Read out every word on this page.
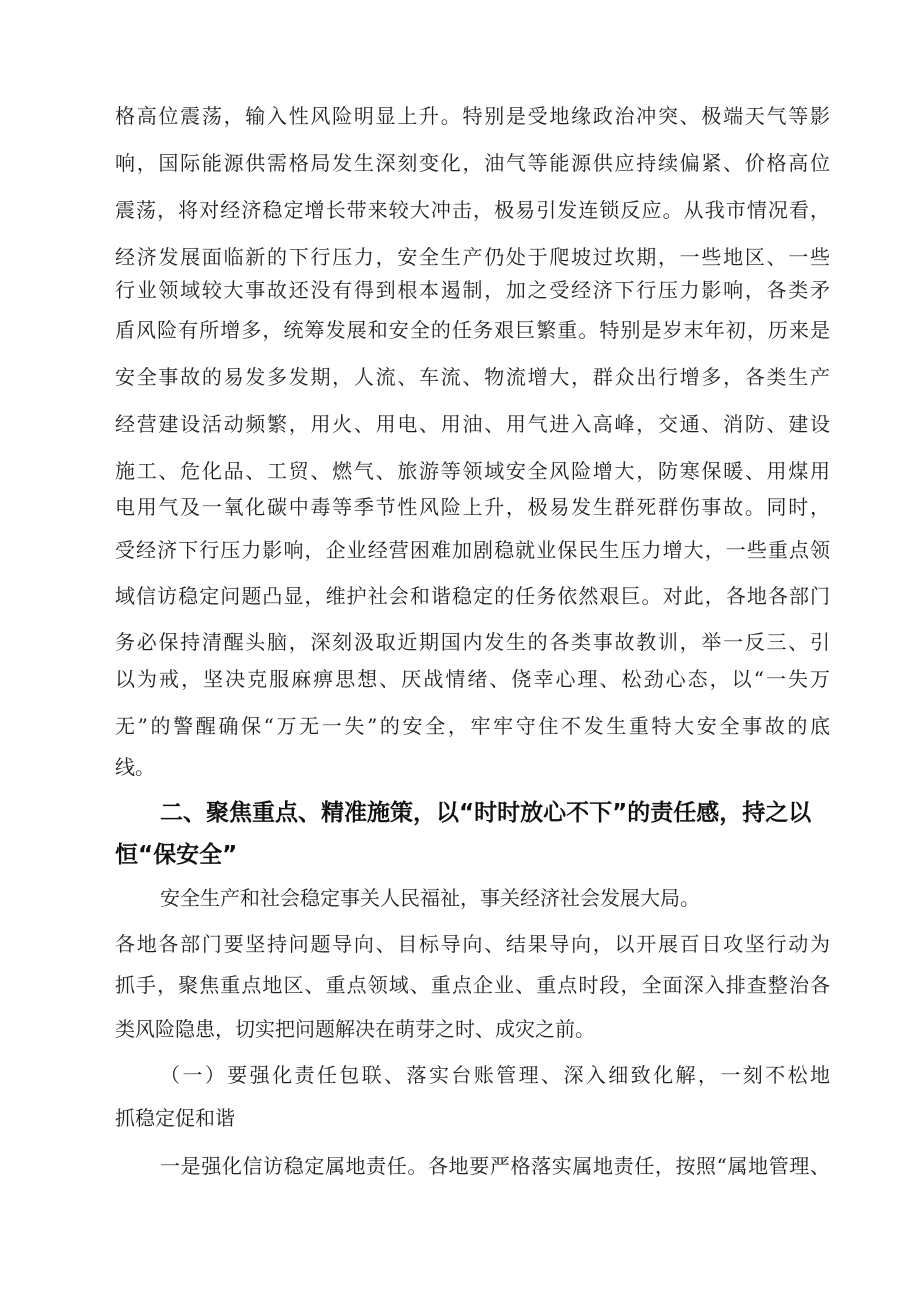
格高位震荡，输入性风险明显上升。特别是受地缘政治冲突、极端天气等影
响，国际能源供需格局发生深刻变化，油气等能源供应持续偏紧、价格高位
震荡，将对经济稳定增长带来较大冲击，极易引发连锁反应。从我市情况看，
经济发展面临新的下行压力，安全生产仍处于爬坡过坎期，一些地区、一些
行业领域较大事故还没有得到根本遏制，加之受经济下行压力影响，各类矛
盾风险有所增多，统筹发展和安全的任务艰巨繁重。特别是岁末年初，历来是
安全事故的易发多发期，人流、车流、物流增大，群众出行增多，各类生产
经营建设活动频繁，用火、用电、用油、用气进入高峰，交通、消防、建设
施工、危化品、工贸、燃气、旅游等领域安全风险增大，防寒保暖、用煤用
电用气及一氧化碳中毒等季节性风险上升，极易发生群死群伤事故。同时，
受经济下行压力影响，企业经营困难加剧稳就业保民生压力增大，一些重点领
域信访稳定问题凸显，维护社会和谐稳定的任务依然艰巨。对此，各地各部门
务必保持清醒头脑，深刻汲取近期国内发生的各类事故教训，举一反三、引
以为戒，坚决克服麻痹思想、厌战情绪、侥幸心理、松劲心态，以“一失万
无”的警醒确保“万无一失”的安全，牢牢守住不发生重特大安全事故的底
线。
二、聚焦重点、精准施策，以“时时放心不下”的责任感，持之以
恒“保安全”
安全生产和社会稳定事关人民福祉，事关经济社会发展大局。
各地各部门要坚持问题导向、目标导向、结果导向，以开展百日攻坚行动为
抓手，聚焦重点地区、重点领域、重点企业、重点时段，全面深入排查整治各
类风险隐患，切实把问题解决在萌芽之时、成灾之前。
（一）要强化责任包联、落实台账管理、深入细致化解，一刻不松地
抓稳定促和谐
一是强化信访稳定属地责任。各地要严格落实属地责任，按照“属地管理、
